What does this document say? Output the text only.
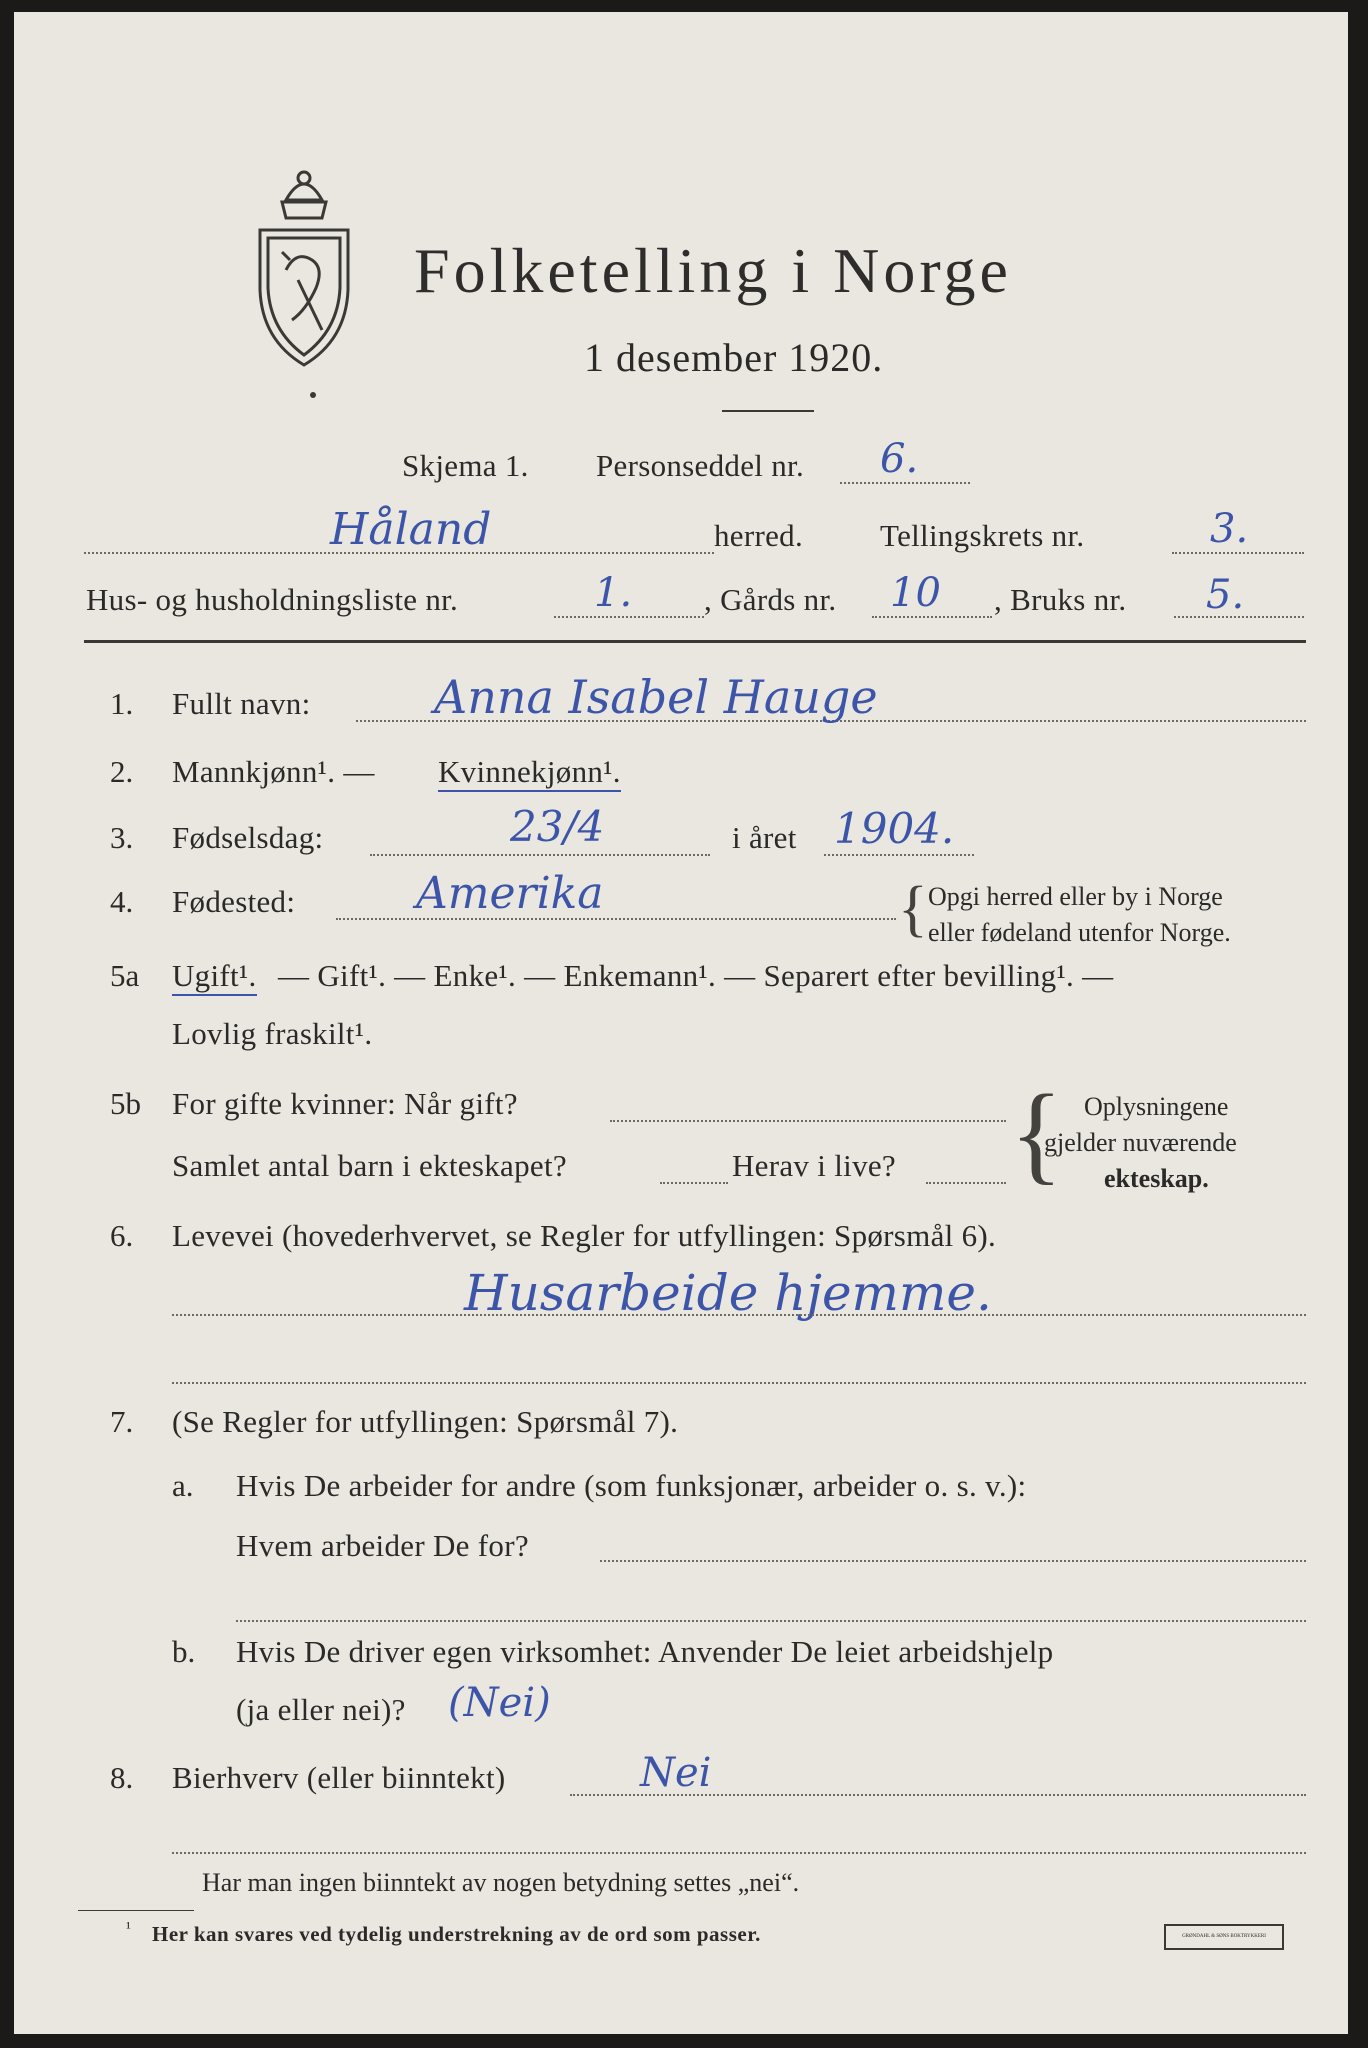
Folketelling i Norge
1 desember 1920.
Skjema 1. Personseddel nr. 6.
Håland	herred. Tellingskrets nr.	3.
Hus- og husholdningsliste nr.	1. , Gårds nr. 10 , Bruks nr. 5.
1. Fullt navn:	Anna Isabel Hauge
2. Mannkjønn¹. — Kvinnekjønn¹.
3. Fødselsdag:	23/4	i året 1904.
4. Fødested:	Amerika	{ Opgi herred eller by i Norge
eller fødeland utenfor Norge.
5a Ugift¹. — Gift¹. — Enke¹. — Enkemann¹. — Separert efter bevilling¹. —
Lovlig fraskilt¹.
5b For gifte kvinner: Når gift?
Samlet antal barn i ekteskapet?	Herav i live? { Oplysningene
gjelder nuværende
ekteskap.
6. Levevei (hovederhvervet, se Regler for utfyllingen: Spørsmål 6).
Husarbeide hjemme.
7. (Se Regler for utfyllingen: Spørsmål 7).
a. Hvis De arbeider for andre (som funksjonær, arbeider o. s. v.):
Hvem arbeider De for?
b. Hvis De driver egen virksomhet: Anvender De leiet arbeidshjelp
(ja eller nei)? (Nei)
8. Bierhverv (eller biinntekt)	Nei
Har man ingen biinntekt av nogen betydning settes „nei“.
¹ Her kan svares ved tydelig understrekning av de ord som passer.	GRØNDAHL & SØNS BOKTRYKKERI
